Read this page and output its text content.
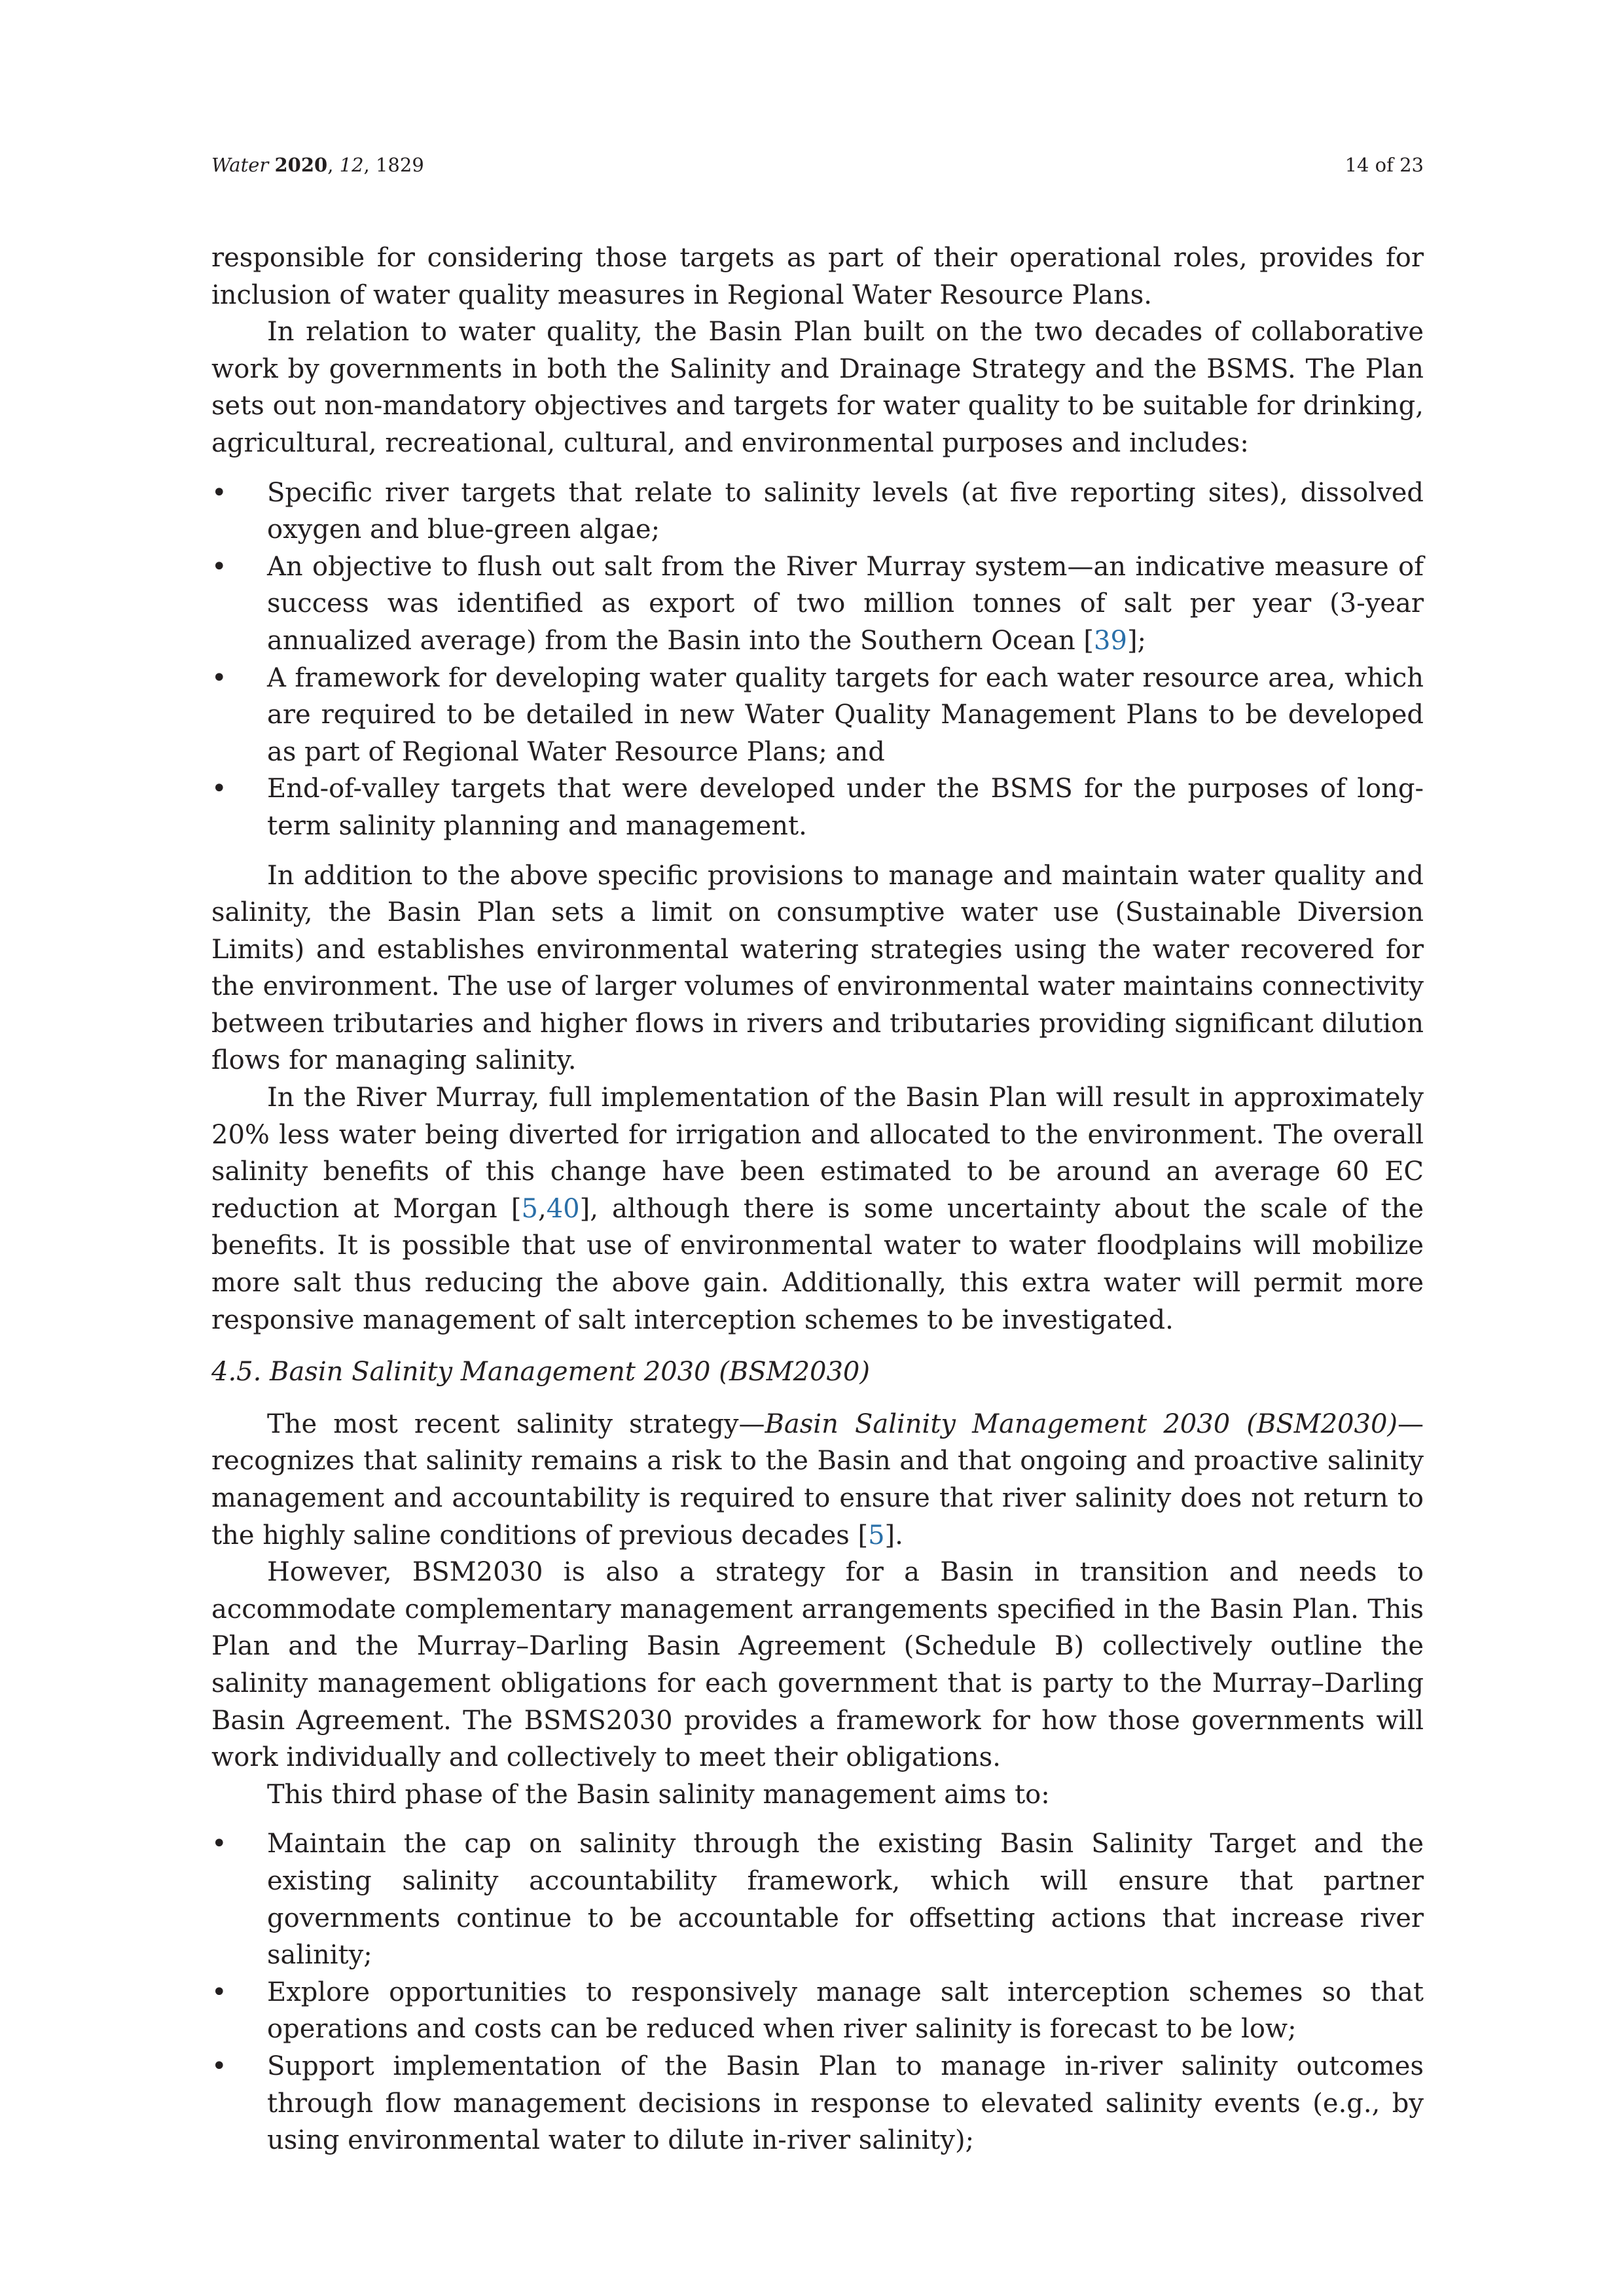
Water 2020, 12, 1829	14 of 23

responsible for considering those targets as part of their operational roles, provides for inclusion of water quality measures in Regional Water Resource Plans.

In relation to water quality, the Basin Plan built on the two decades of collaborative work by governments in both the Salinity and Drainage Strategy and the BSMS. The Plan sets out non-mandatory objectives and targets for water quality to be suitable for drinking, agricultural, recreational, cultural, and environmental purposes and includes:

• Specific river targets that relate to salinity levels (at five reporting sites), dissolved oxygen and blue-green algae;
• An objective to flush out salt from the River Murray system—an indicative measure of success was identified as export of two million tonnes of salt per year (3-year annualized average) from the Basin into the Southern Ocean [39];
• A framework for developing water quality targets for each water resource area, which are required to be detailed in new Water Quality Management Plans to be developed as part of Regional Water Resource Plans; and
• End-of-valley targets that were developed under the BSMS for the purposes of long-term salinity planning and management.

In addition to the above specific provisions to manage and maintain water quality and salinity, the Basin Plan sets a limit on consumptive water use (Sustainable Diversion Limits) and establishes environmental watering strategies using the water recovered for the environment. The use of larger volumes of environmental water maintains connectivity between tributaries and higher flows in rivers and tributaries providing significant dilution flows for managing salinity.

In the River Murray, full implementation of the Basin Plan will result in approximately 20% less water being diverted for irrigation and allocated to the environment. The overall salinity benefits of this change have been estimated to be around an average 60 EC reduction at Morgan [5,40], although there is some uncertainty about the scale of the benefits. It is possible that use of environmental water to water floodplains will mobilize more salt thus reducing the above gain. Additionally, this extra water will permit more responsive management of salt interception schemes to be investigated.

4.5. Basin Salinity Management 2030 (BSM2030)

The most recent salinity strategy—Basin Salinity Management 2030 (BSM2030)—recognizes that salinity remains a risk to the Basin and that ongoing and proactive salinity management and accountability is required to ensure that river salinity does not return to the highly saline conditions of previous decades [5].

However, BSM2030 is also a strategy for a Basin in transition and needs to accommodate complementary management arrangements specified in the Basin Plan. This Plan and the Murray–Darling Basin Agreement (Schedule B) collectively outline the salinity management obligations for each government that is party to the Murray–Darling Basin Agreement. The BSMS2030 provides a framework for how those governments will work individually and collectively to meet their obligations.

This third phase of the Basin salinity management aims to:

• Maintain the cap on salinity through the existing Basin Salinity Target and the existing salinity accountability framework, which will ensure that partner governments continue to be accountable for offsetting actions that increase river salinity;
• Explore opportunities to responsively manage salt interception schemes so that operations and costs can be reduced when river salinity is forecast to be low;
• Support implementation of the Basin Plan to manage in-river salinity outcomes through flow management decisions in response to elevated salinity events (e.g., by using environmental water to dilute in-river salinity);
